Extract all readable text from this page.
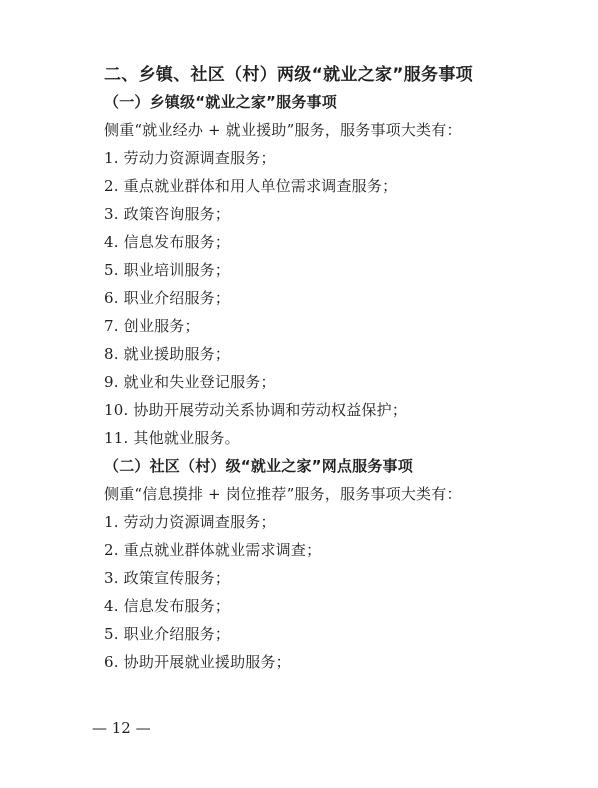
二、乡镇、社区（村）两级“就业之家”服务事项
（一）乡镇级“就业之家”服务事项
侧重“就业经办 + 就业援助”服务，服务事项大类有：
1. 劳动力资源调查服务；
2. 重点就业群体和用人单位需求调查服务；
3. 政策咨询服务；
4. 信息发布服务；
5. 职业培训服务；
6. 职业介绍服务；
7. 创业服务；
8. 就业援助服务；
9. 就业和失业登记服务；
10. 协助开展劳动关系协调和劳动权益保护；
11. 其他就业服务。
（二）社区（村）级“就业之家”网点服务事项
侧重“信息摸排 + 岗位推荐”服务，服务事项大类有：
1. 劳动力资源调查服务；
2. 重点就业群体就业需求调查；
3. 政策宣传服务；
4. 信息发布服务；
5. 职业介绍服务；
6. 协助开展就业援助服务；
— 12 —
